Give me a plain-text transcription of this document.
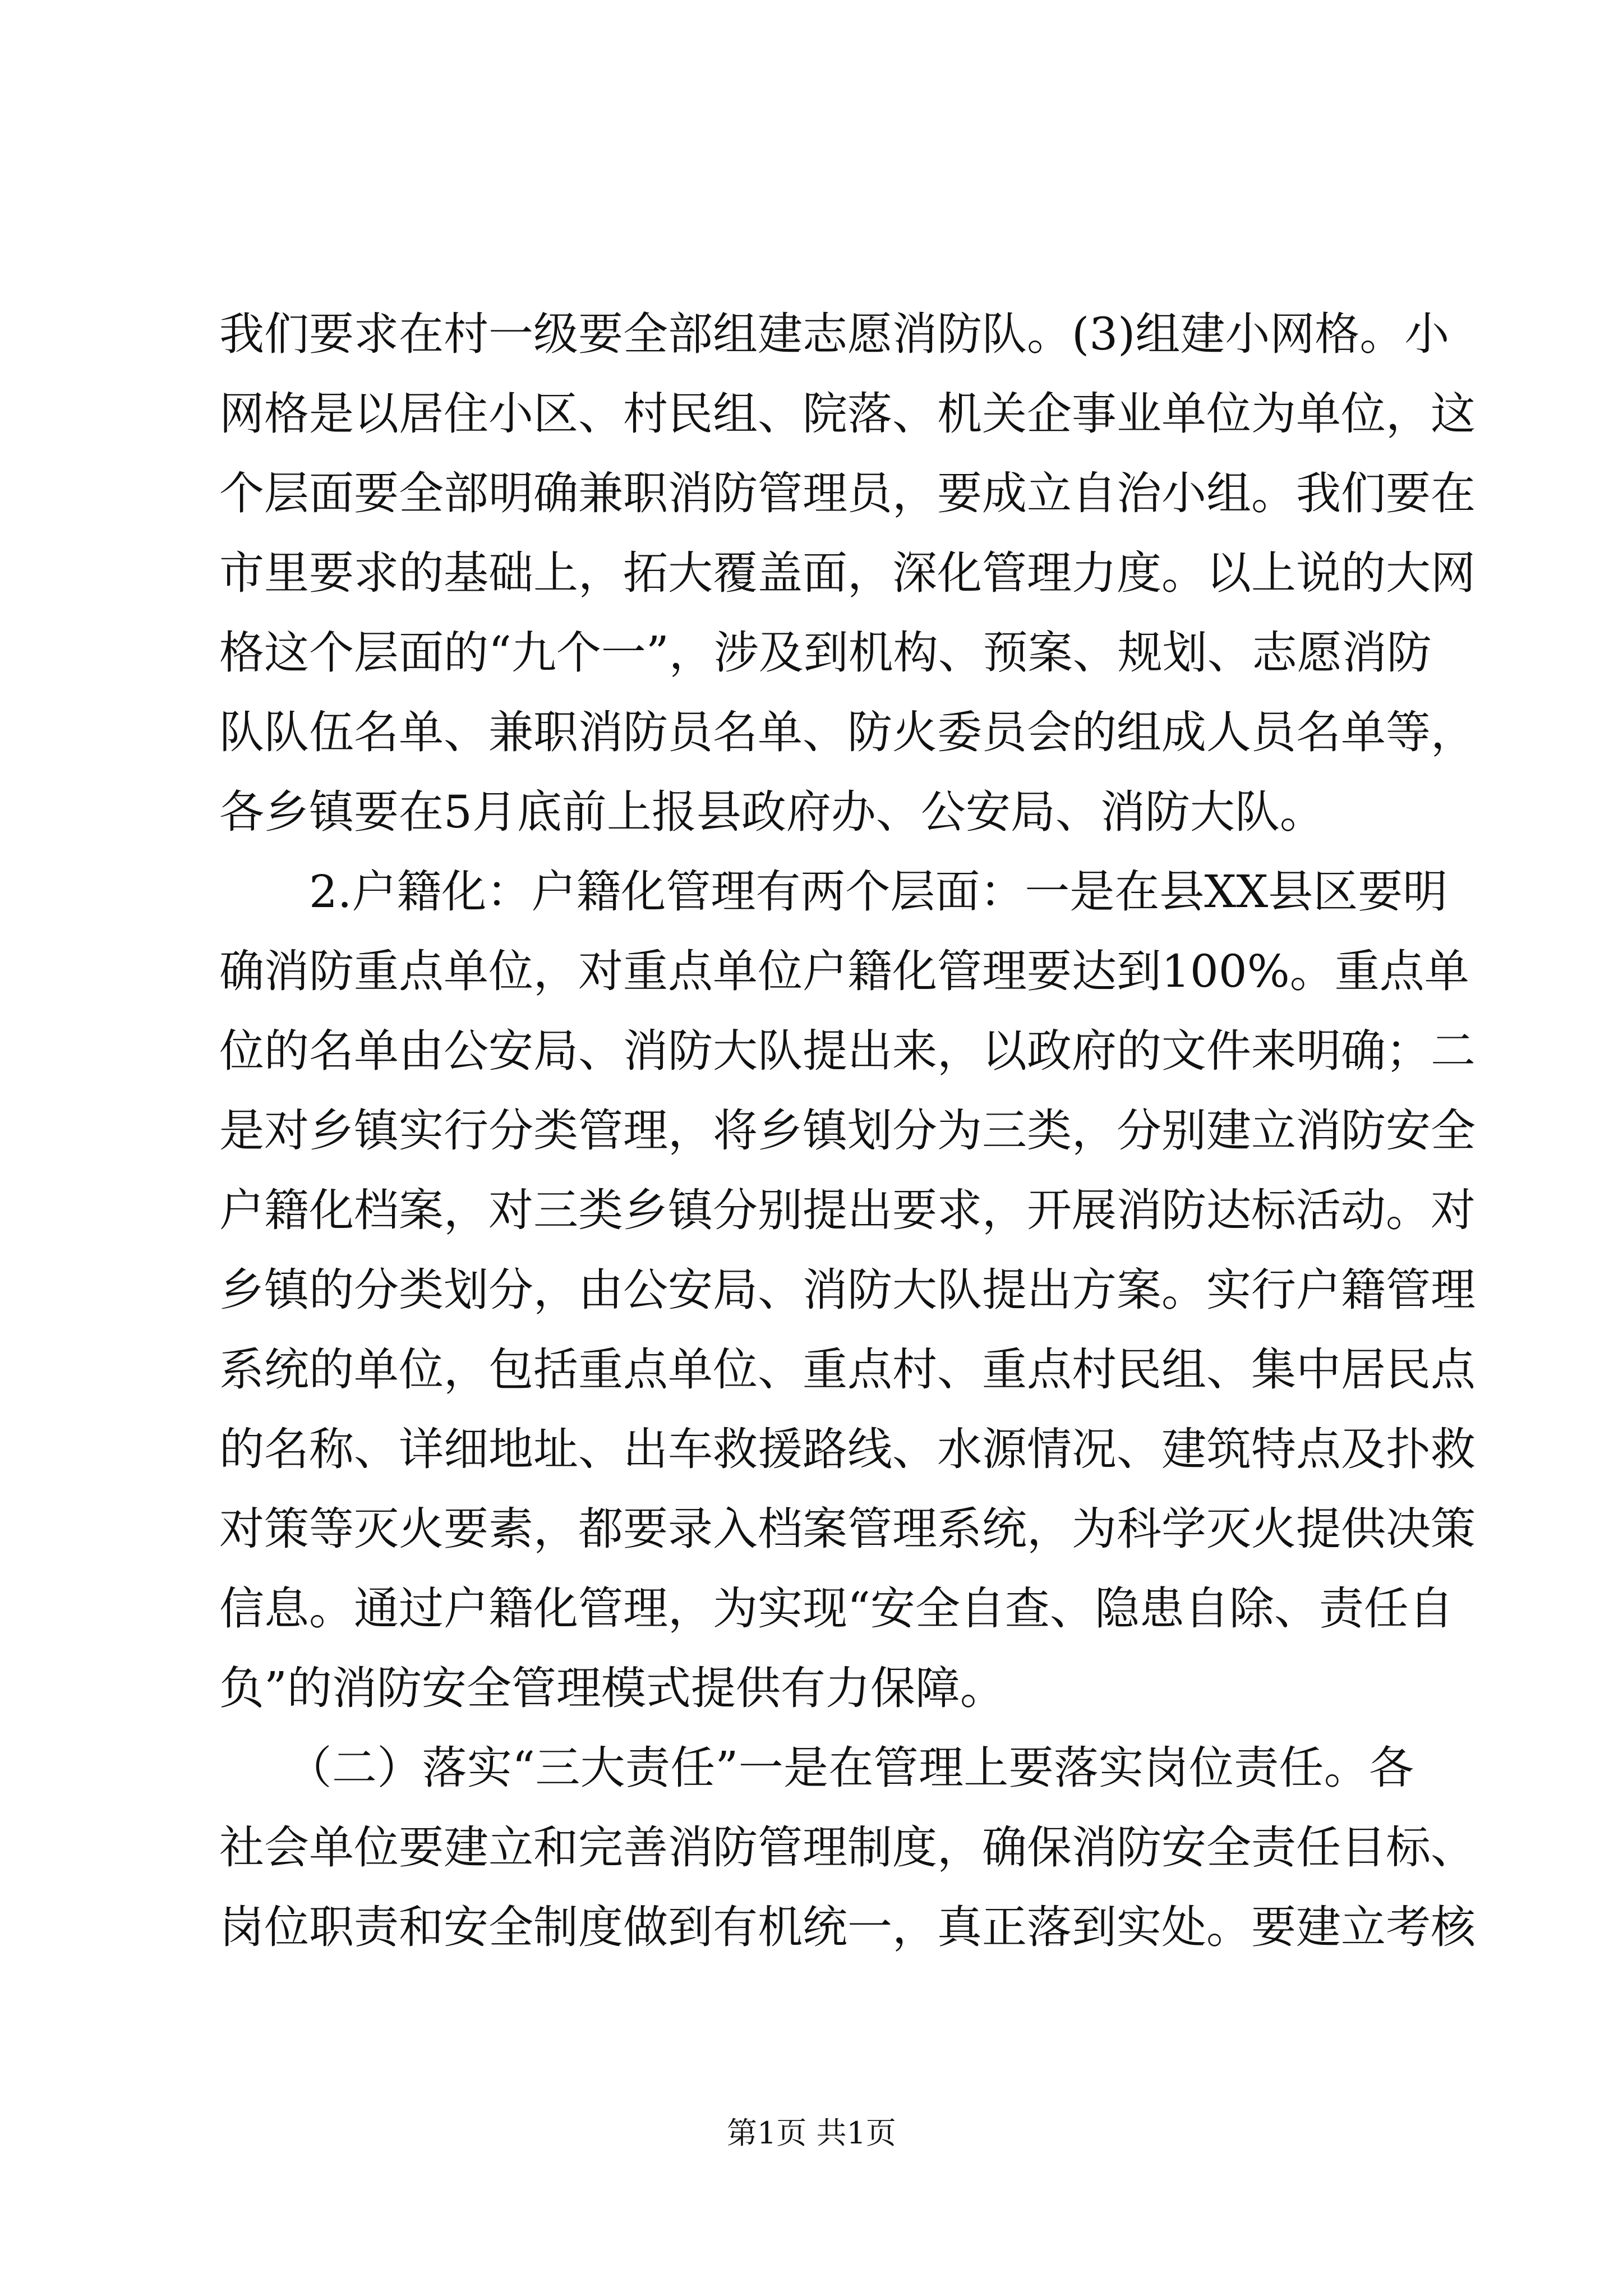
我们要求在村一级要全部组建志愿消防队。(3)组建小网格。小
网格是以居住小区、村民组、院落、机关企事业单位为单位，这
个层面要全部明确兼职消防管理员，要成立自治小组。我们要在
市里要求的基础上，拓大覆盖面，深化管理力度。以上说的大网
格这个层面的“九个一”，涉及到机构、预案、规划、志愿消防
队队伍名单、兼职消防员名单、防火委员会的组成人员名单等，
各乡镇要在5月底前上报县政府办、公安局、消防大队。
　　2.户籍化：户籍化管理有两个层面：一是在县XX县区要明
确消防重点单位，对重点单位户籍化管理要达到100%。重点单
位的名单由公安局、消防大队提出来，以政府的文件来明确；二
是对乡镇实行分类管理，将乡镇划分为三类，分别建立消防安全
户籍化档案，对三类乡镇分别提出要求，开展消防达标活动。对
乡镇的分类划分，由公安局、消防大队提出方案。实行户籍管理
系统的单位，包括重点单位、重点村、重点村民组、集中居民点
的名称、详细地址、出车救援路线、水源情况、建筑特点及扑救
对策等灭火要素，都要录入档案管理系统，为科学灭火提供决策
信息。通过户籍化管理，为实现“安全自查、隐患自除、责任自
负”的消防安全管理模式提供有力保障。
　　（二）落实“三大责任”一是在管理上要落实岗位责任。各
社会单位要建立和完善消防管理制度，确保消防安全责任目标、
岗位职责和安全制度做到有机统一，真正落到实处。要建立考核
第1页 共1页
